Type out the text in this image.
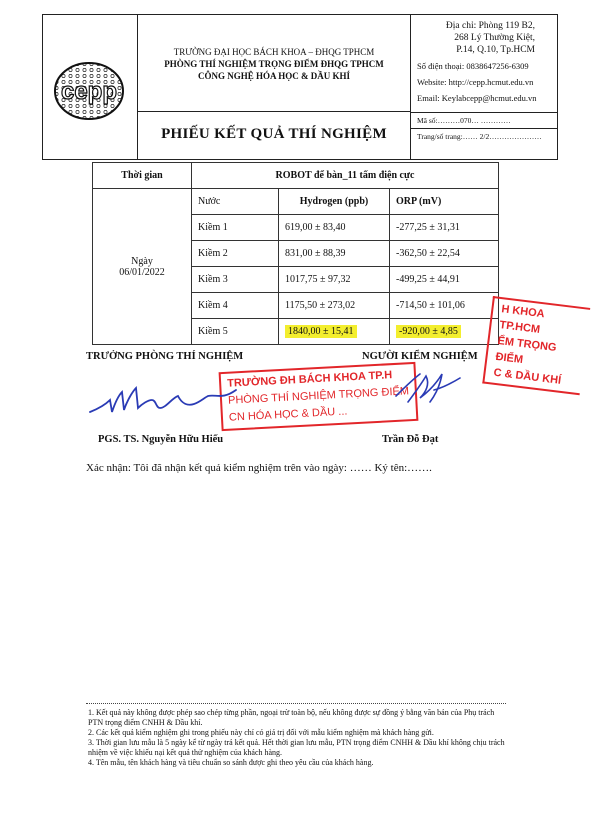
cepp
TRƯỜNG ĐẠI HỌC BÁCH KHOA – ĐHQG TPHCM
PHÒNG THÍ NGHIỆM TRỌNG ĐIỂM ĐHQG TPHCM
CÔNG NGHỆ HÓA HỌC & DẦU KHÍ
PHIẾU KẾT QUẢ THÍ NGHIỆM
Địa chỉ: Phòng 119 B2,
268 Lý Thường Kiệt,
P.14, Q.10, Tp.HCM
Số điện thoại: 0838647256-6309
Website: http://cepp.hcmut.edu.vn
Email: Keylabcepp@hcmut.edu.vn
Mã số:………070… …………
Trang/số trang:…… 2/2…………………
Thời gian	ROBOT để bàn_11 tấm điện cực		

Ngày
06/01/2022	Nước	Hydrogen (ppb)	ORP (mV)
	Kiềm 1	619,00 ± 83,40	-277,25 ± 31,31
	Kiềm 2	831,00 ± 88,39	-362,50 ± 22,54
	Kiềm 3	1017,75 ± 97,32	-499,25 ± 44,91
	Kiềm 4	1175,50 ± 273,02	-714,50 ± 101,06
	Kiềm 5	1840,00 ± 15,41	-920,00 ± 4,85
H KHOA TP.HCM
ỂM TRỌNG ĐIỂM
C & DẦU KHÍ
TRƯỞNG PHÒNG THÍ NGHIỆM	NGƯỜI KIỂM NGHIỆM
TRƯỜNG ĐH BÁCH KHOA TP.H
PHÒNG THÍ NGHIỆM TRỌNG ĐIỂM
CN HÓA HỌC & DẦU ...
PGS. TS. Nguyễn Hữu Hiếu	Trần Đỗ Đạt
Xác nhận: Tôi đã nhận kết quả kiểm nghiệm trên vào ngày: …… Ký tên:…….
1. Kết quả này không được phép sao chép từng phần, ngoại trừ toàn bộ, nếu không được sự đồng ý bằng văn bản của Phụ trách PTN trọng điểm CNHH & Dầu khí.
2. Các kết quả kiểm nghiệm ghi trong phiếu này chỉ có giá trị đối với mẫu kiểm nghiệm mà khách hàng gửi.
3. Thời gian lưu mẫu là 5 ngày kể từ ngày trả kết quả. Hết thời gian lưu mẫu, PTN trọng điểm CNHH & Dầu khí không chịu trách nhiệm về việc khiếu nại kết quả thử nghiệm của khách hàng.
4. Tên mẫu, tên khách hàng và tiêu chuẩn so sánh được ghi theo yêu cầu của khách hàng.
